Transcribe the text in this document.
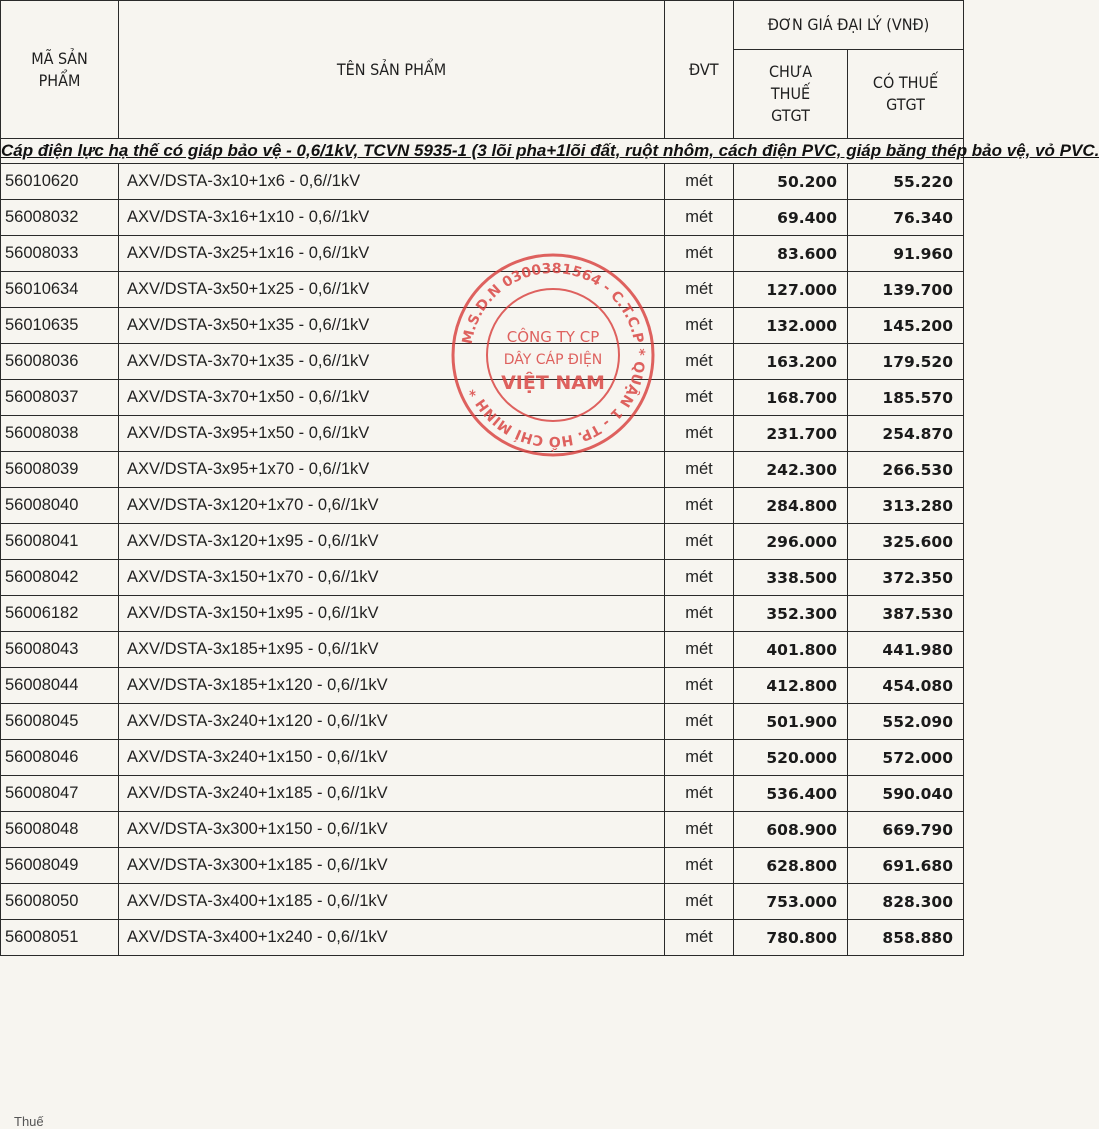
MÃ SẢN PHẨM	TÊN SẢN PHẨM	ĐVT	ĐƠN GIÁ ĐẠI LÝ (VNĐ)	
			CHƯA THUẾ GTGT	CÓ THUẾ GTGT
Cáp điện lực hạ thế có giáp bảo vệ - 0,6/1kV, TCVN 5935-1 (3 lõi pha+1lõi đất, ruột nhôm, cách điện PVC, giáp băng thép bảo vệ, vỏ PVC.				
56010620	AXV/DSTA-3x10+1x6 - 0,6//1kV	mét	50.200	55.220
56008032	AXV/DSTA-3x16+1x10 - 0,6//1kV	mét	69.400	76.340
56008033	AXV/DSTA-3x25+1x16 - 0,6//1kV	mét	83.600	91.960
56010634	AXV/DSTA-3x50+1x25 - 0,6//1kV	mét	127.000	139.700
56010635	AXV/DSTA-3x50+1x35 - 0,6//1kV	mét	132.000	145.200
56008036	AXV/DSTA-3x70+1x35 - 0,6//1kV	mét	163.200	179.520
56008037	AXV/DSTA-3x70+1x50 - 0,6//1kV	mét	168.700	185.570
56008038	AXV/DSTA-3x95+1x50 - 0,6//1kV	mét	231.700	254.870
56008039	AXV/DSTA-3x95+1x70 - 0,6//1kV	mét	242.300	266.530
56008040	AXV/DSTA-3x120+1x70 - 0,6//1kV	mét	284.800	313.280
56008041	AXV/DSTA-3x120+1x95 - 0,6//1kV	mét	296.000	325.600
56008042	AXV/DSTA-3x150+1x70 - 0,6//1kV	mét	338.500	372.350
56006182	AXV/DSTA-3x150+1x95 - 0,6//1kV	mét	352.300	387.530
56008043	AXV/DSTA-3x185+1x95 - 0,6//1kV	mét	401.800	441.980
56008044	AXV/DSTA-3x185+1x120 - 0,6//1kV	mét	412.800	454.080
56008045	AXV/DSTA-3x240+1x120 - 0,6//1kV	mét	501.900	552.090
56008046	AXV/DSTA-3x240+1x150 - 0,6//1kV	mét	520.000	572.000
56008047	AXV/DSTA-3x240+1x185 - 0,6//1kV	mét	536.400	590.040
56008048	AXV/DSTA-3x300+1x150 - 0,6//1kV	mét	608.900	669.790
56008049	AXV/DSTA-3x300+1x185 - 0,6//1kV	mét	628.800	691.680
56008050	AXV/DSTA-3x400+1x185 - 0,6//1kV	mét	753.000	828.300
56008051	AXV/DSTA-3x400+1x240 - 0,6//1kV	mét	780.800	858.880
M.S.D.N 0300381564 - C.T.C.P * QUẬN 1 - TP. HỒ CHÍ MINH *
CÔNG TY CP
DÂY CÁP ĐIỆN
VIỆT NAM
Thuế
